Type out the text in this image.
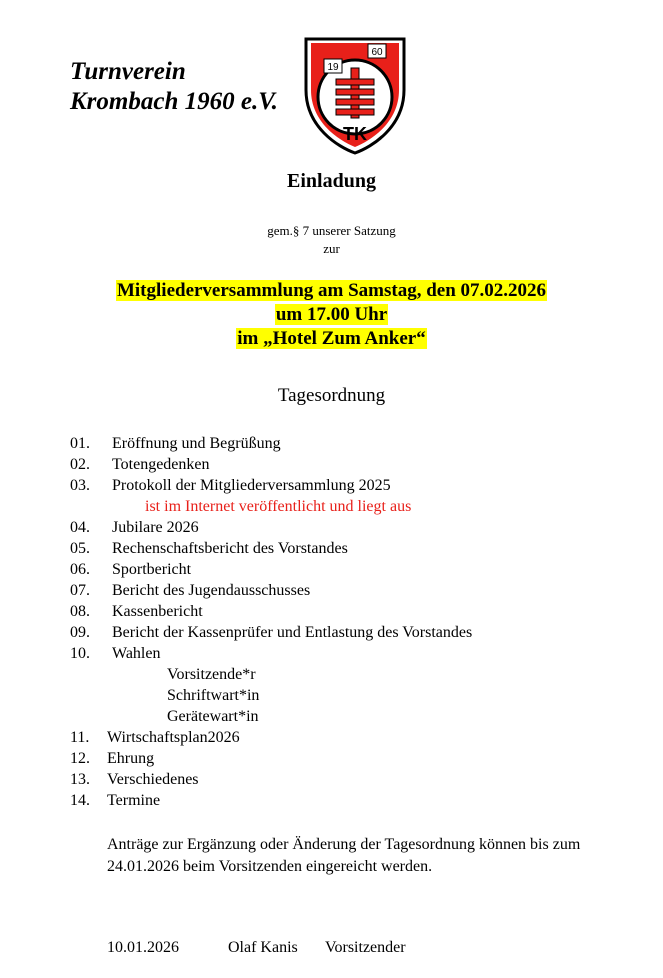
Turnverein
Krombach 1960 e.V.
19
60
TK
Einladung
gem.§ 7 unserer Satzung
zur
Mitgliederversammlung am Samstag, den 07.02.2026
um 17.00 Uhr
im „Hotel Zum Anker“
Tagesordnung
01. Eröffnung und Begrüßung
02. Totengedenken
03. Protokoll der Mitgliederversammlung 2025
ist im Internet veröffentlicht und liegt aus
04. Jubilare 2026
05. Rechenschaftsbericht des Vorstandes
06. Sportbericht
07. Bericht des Jugendausschusses
08. Kassenbericht
09. Bericht der Kassenprüfer und Entlastung des Vorstandes
10. Wahlen
Vorsitzende*r
Schriftwart*in
Gerätewart*in
11. Wirtschaftsplan2026
12. Ehrung
13. Verschiedenes
14. Termine
Anträge zur Ergänzung oder Änderung der Tagesordnung können bis zum 24.01.2026 beim Vorsitzenden eingereicht werden.
10.01.2026	Olaf Kanis Vorsitzender
